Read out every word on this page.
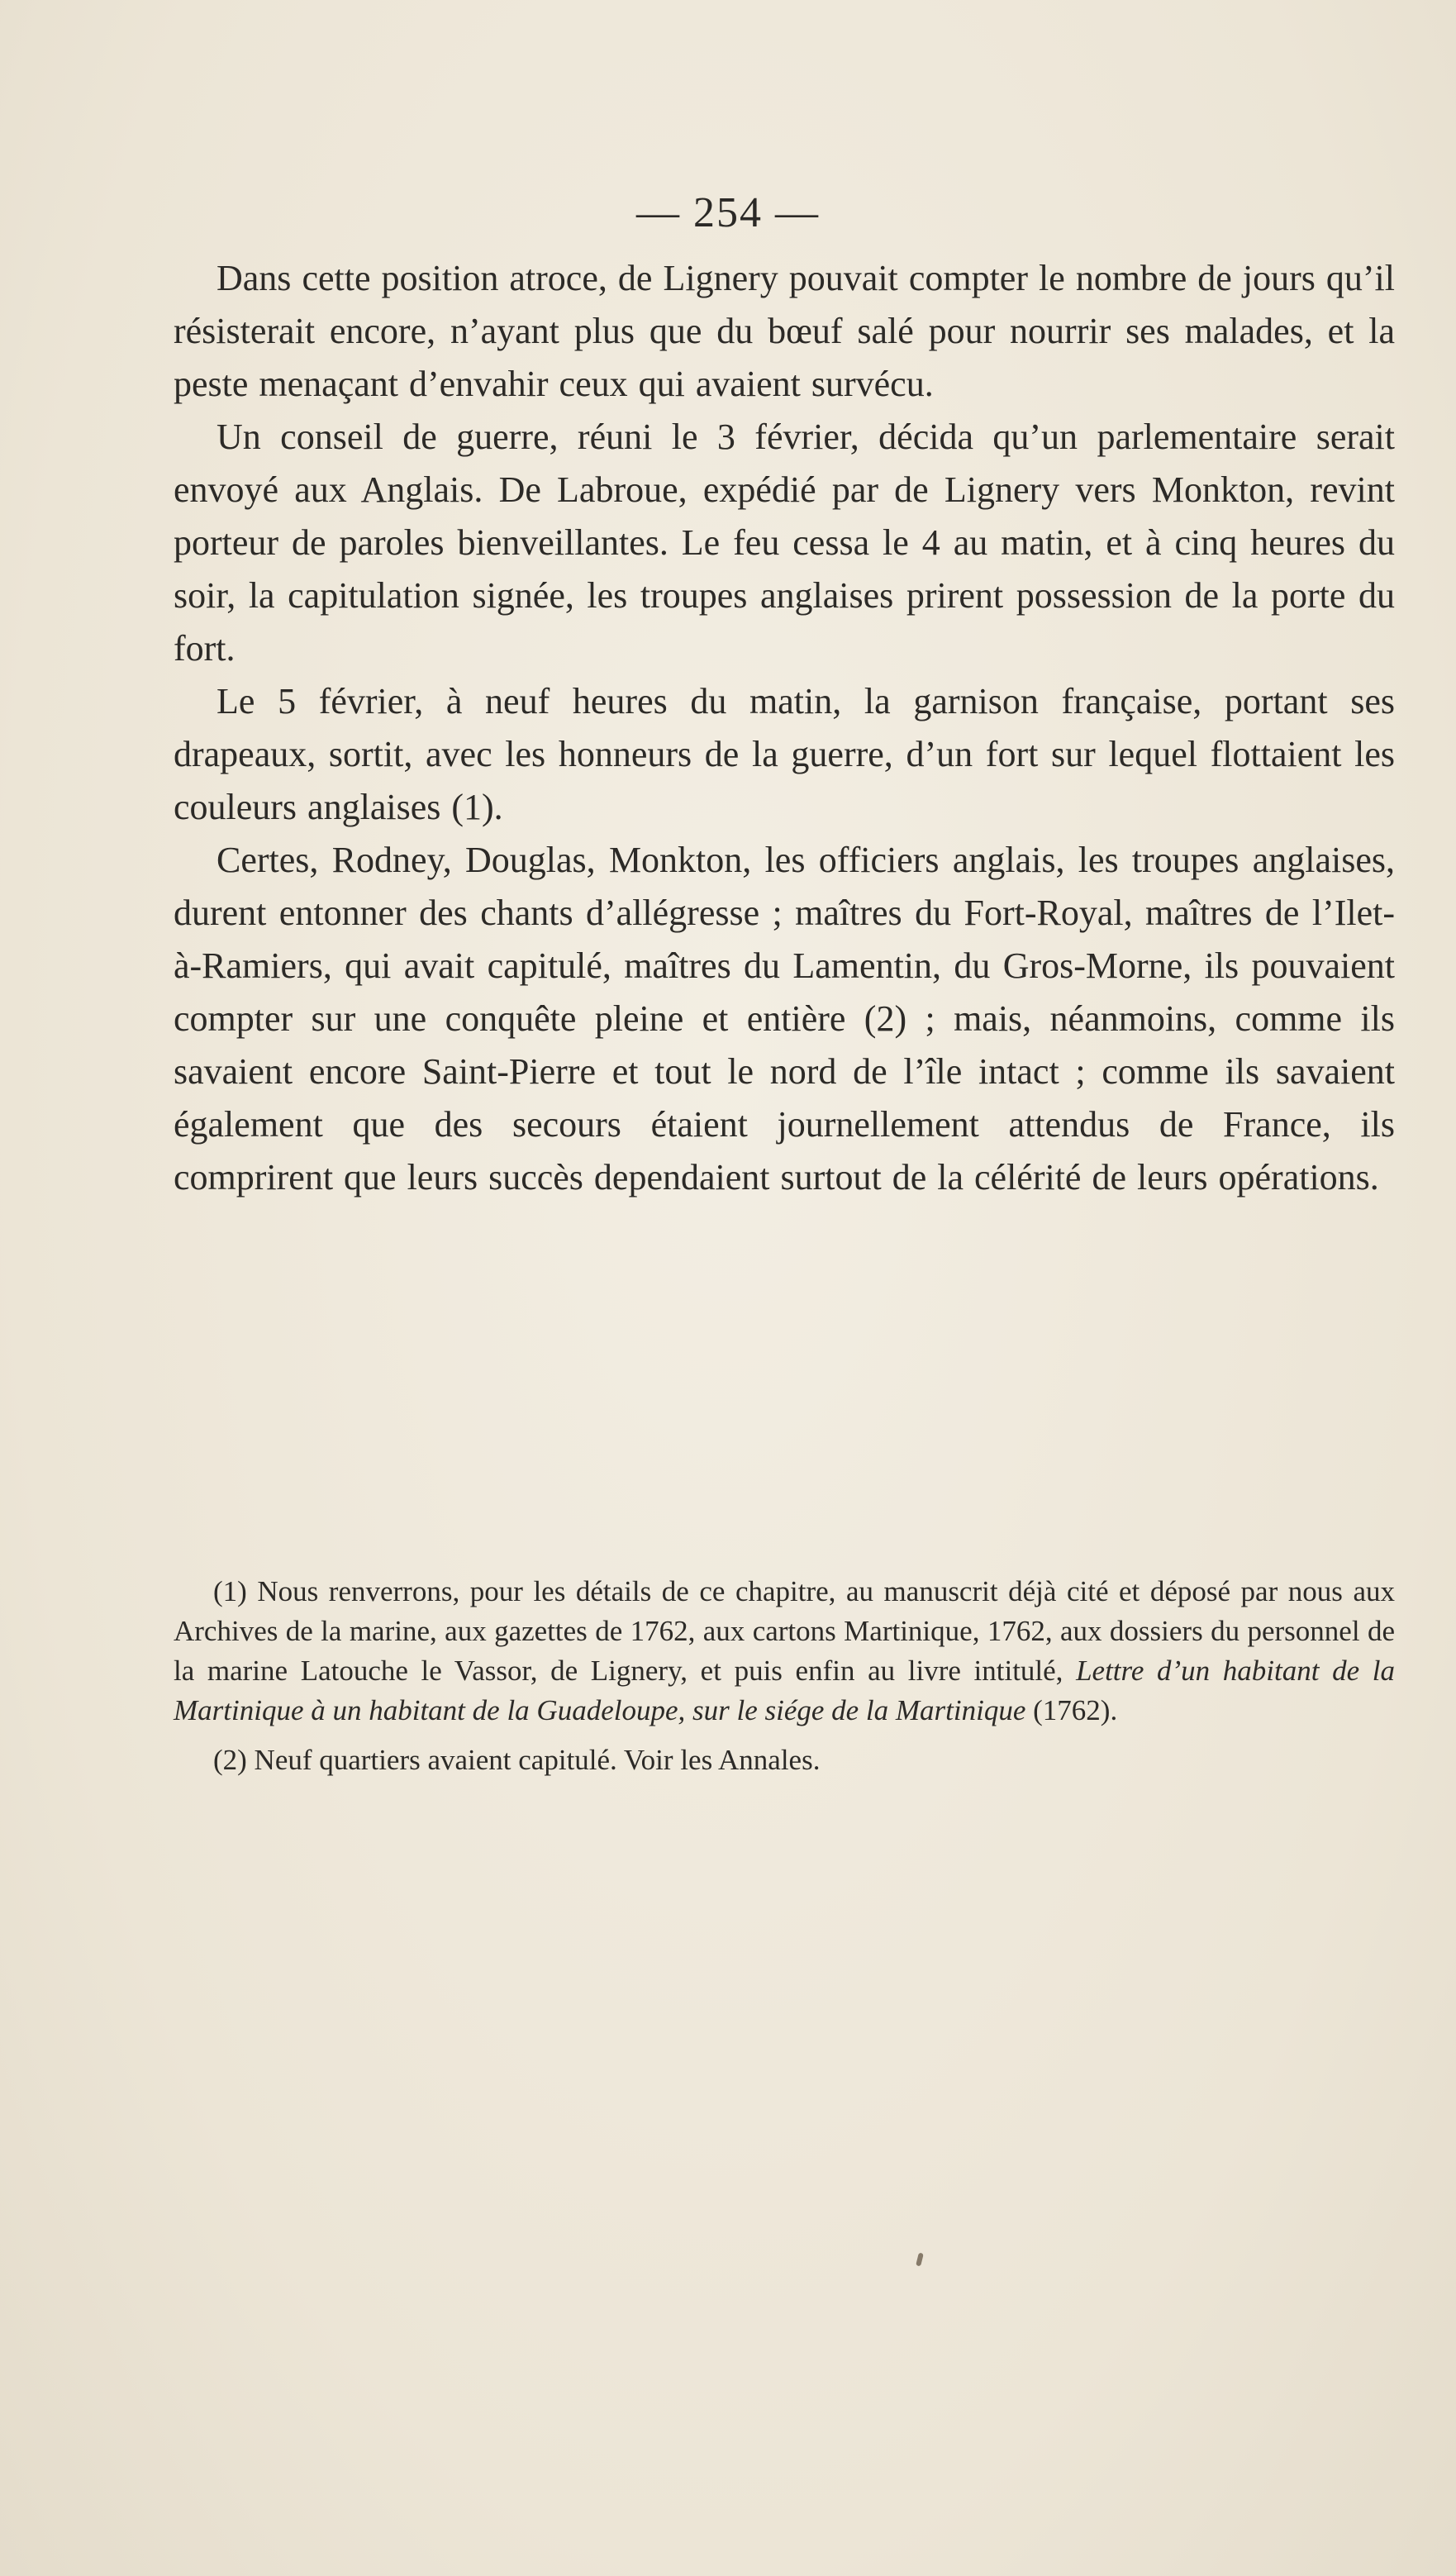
— 254 —

Dans cette position atroce, de Lignery pouvait compter le nombre de jours qu’il résisterait encore, n’ayant plus que du bœuf salé pour nourrir ses malades, et la peste menaçant d’envahir ceux qui avaient survécu.

Un conseil de guerre, réuni le 3 février, décida qu’un parlementaire serait envoyé aux Anglais. De Labroue, expédié par de Lignery vers Monkton, revint porteur de paroles bienveillantes. Le feu cessa le 4 au matin, et à cinq heures du soir, la capitulation signée, les troupes anglaises prirent possession de la porte du fort.

Le 5 février, à neuf heures du matin, la garnison française, portant ses drapeaux, sortit, avec les honneurs de la guerre, d’un fort sur lequel flottaient les couleurs anglaises (1).

Certes, Rodney, Douglas, Monkton, les officiers anglais, les troupes anglaises, durent entonner des chants d’allégresse ; maîtres du Fort-Royal, maîtres de l’Ilet-à-Ramiers, qui avait capitulé, maîtres du Lamentin, du Gros-Morne, ils pouvaient compter sur une conquête pleine et entière (2) ; mais, néanmoins, comme ils savaient encore Saint-Pierre et tout le nord de l’île intact ; comme ils savaient également que des secours étaient journellement attendus de France, ils comprirent que leurs succès dependaient surtout de la célérité de leurs opérations.

(1) Nous renverrons, pour les détails de ce chapitre, au manuscrit déjà cité et déposé par nous aux Archives de la marine, aux gazettes de 1762, aux cartons Martinique, 1762, aux dossiers du personnel de la marine Latouche le Vassor, de Lignery, et puis enfin au livre intitulé, Lettre d’un habitant de la Martinique à un habitant de la Guadeloupe, sur le siége de la Martinique (1762).

(2) Neuf quartiers avaient capitulé. Voir les Annales.
